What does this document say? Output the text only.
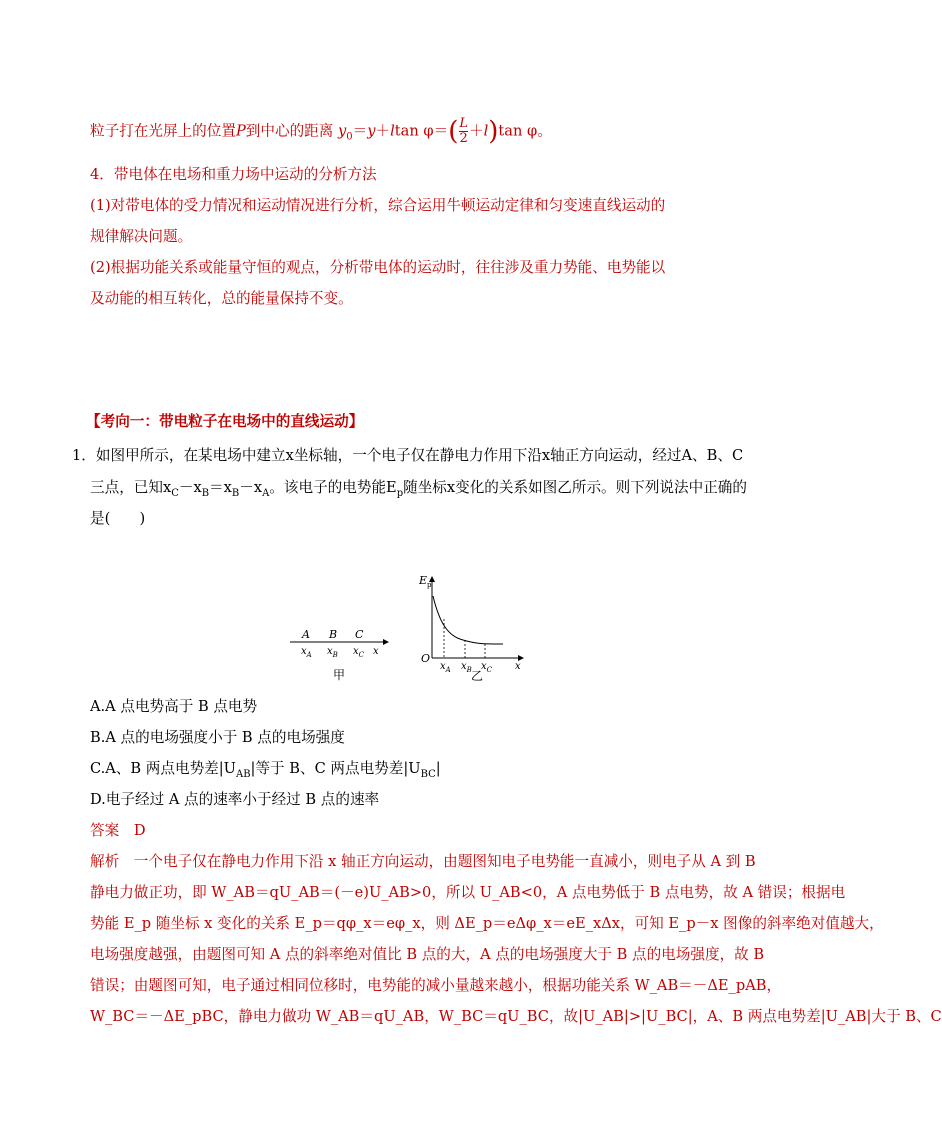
粒子打在光屏上的位置P到中心的距离 $y_0=y+ltan$ $\varphi=( \frac{L}{2} +l)\tan$ φ。
4．带电体在电场和重力场中运动的分析方法
(1)对带电体的受力情况和运动情况进行分析，综合运用牛顿运动定律和匀变速直线运动的
规律解决问题。
(2)根据功能关系或能量守恒的观点，分析带电体的运动时，往往涉及重力势能、电势能以
及动能的相互转化，总的能量保持不变。
【考向一：带电粒子在电场中的直线运动】
1．如图甲所示，在某电场中建立x坐标轴，一个电子仅在静电力作用下沿x轴正方向运动，经过A、B、C
三点，已知$x_C-x_B=x_B-x_A$。该电子的电势能$E_p$随坐标x变化的关系如图乙所示。则下列说法中正确的
是(　　)
A B C
$x_A$ $x_B$ $x_C$ x
甲
$E_p$
O
$x_A$ $x_B$ $x_C$ x
乙
A.A 点电势高于 B 点电势
B.A 点的电场强度小于 B 点的电场强度
C.A、B 两点电势差$|U_{AB}|$等于 B、C 两点电势差$|U_{BC}|$
D.电子经过 A 点的速率小于经过 B 点的速率
答案　 D
解析　一个电子仅在静电力作用下沿 x 轴正方向运动，由题图知电子电势能一直减小，则电子从 A 到 B
静电力做正功，即 W_AB＝qU_AB＝(－e)U_AB>0，所以 U_AB<0，A 点电势低于 B 点电势，故 A 错误；根据电
势能 E_p 随坐标 x 变化的关系 E_p＝qφ_x＝eφ_x，则 ΔE_p＝eΔφ_x＝eE_xΔx，可知 E_p－x 图像的斜率绝对值越大，
电场强度越强，由题图可知 A 点的斜率绝对值比 B 点的大，A 点的电场强度大于 B 点的电场强度，故 B
错误；由题图可知，电子通过相同位移时，电势能的减小量越来越小，根据功能关系 W_AB＝－ΔE_pAB，
W_BC＝－ΔE_pBC，静电力做功 W_AB＝qU_AB，W_BC＝qU_BC，故|U_AB|>|U_BC|，A、B 两点电势差|U_AB|大于 B、C
